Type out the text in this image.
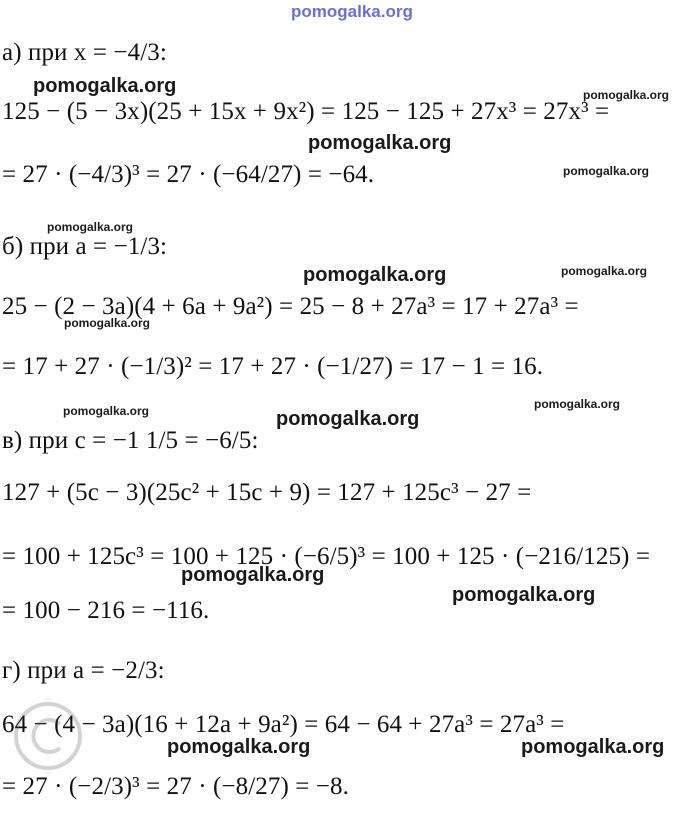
pomogalka.org
а) при x = −4/3:
125 − (5 − 3x)(25 + 15x + 9x²) = 125 − 125 + 27x³ = 27x³ =
= 27 · (−4/3)³ = 27 · (−64/27) = −64.
б) при a = −1/3:
25 − (2 − 3a)(4 + 6a + 9a²) = 25 − 8 + 27a³ = 17 + 27a³ =
= 17 + 27 · (−1/3)² = 17 + 27 · (−1/27) = 17 − 1 = 16.
в) при c = −1 1/5 = −6/5:
127 + (5c − 3)(25c² + 15c + 9) = 127 + 125c³ − 27 =
= 100 + 125c³ = 100 + 125 · (−6/5)³ = 100 + 125 · (−216/125) =
= 100 − 216 = −116.
г) при a = −2/3:
64 − (4 − 3a)(16 + 12a + 9a²) = 64 − 64 + 27a³ = 27a³ =
= 27 · (−2/3)³ = 27 · (−8/27) = −8.
pomogalka.org	pomogalka.org
pomogalka.org
pomogalka.org
pomogalka.org
pomogalka.org	pomogalka.org
pomogalka.org
pomogalka.org	pomogalka.org
pomogalka.org
pomogalka.org
pomogalka.org
pomogalka.org	pomogalka.org
